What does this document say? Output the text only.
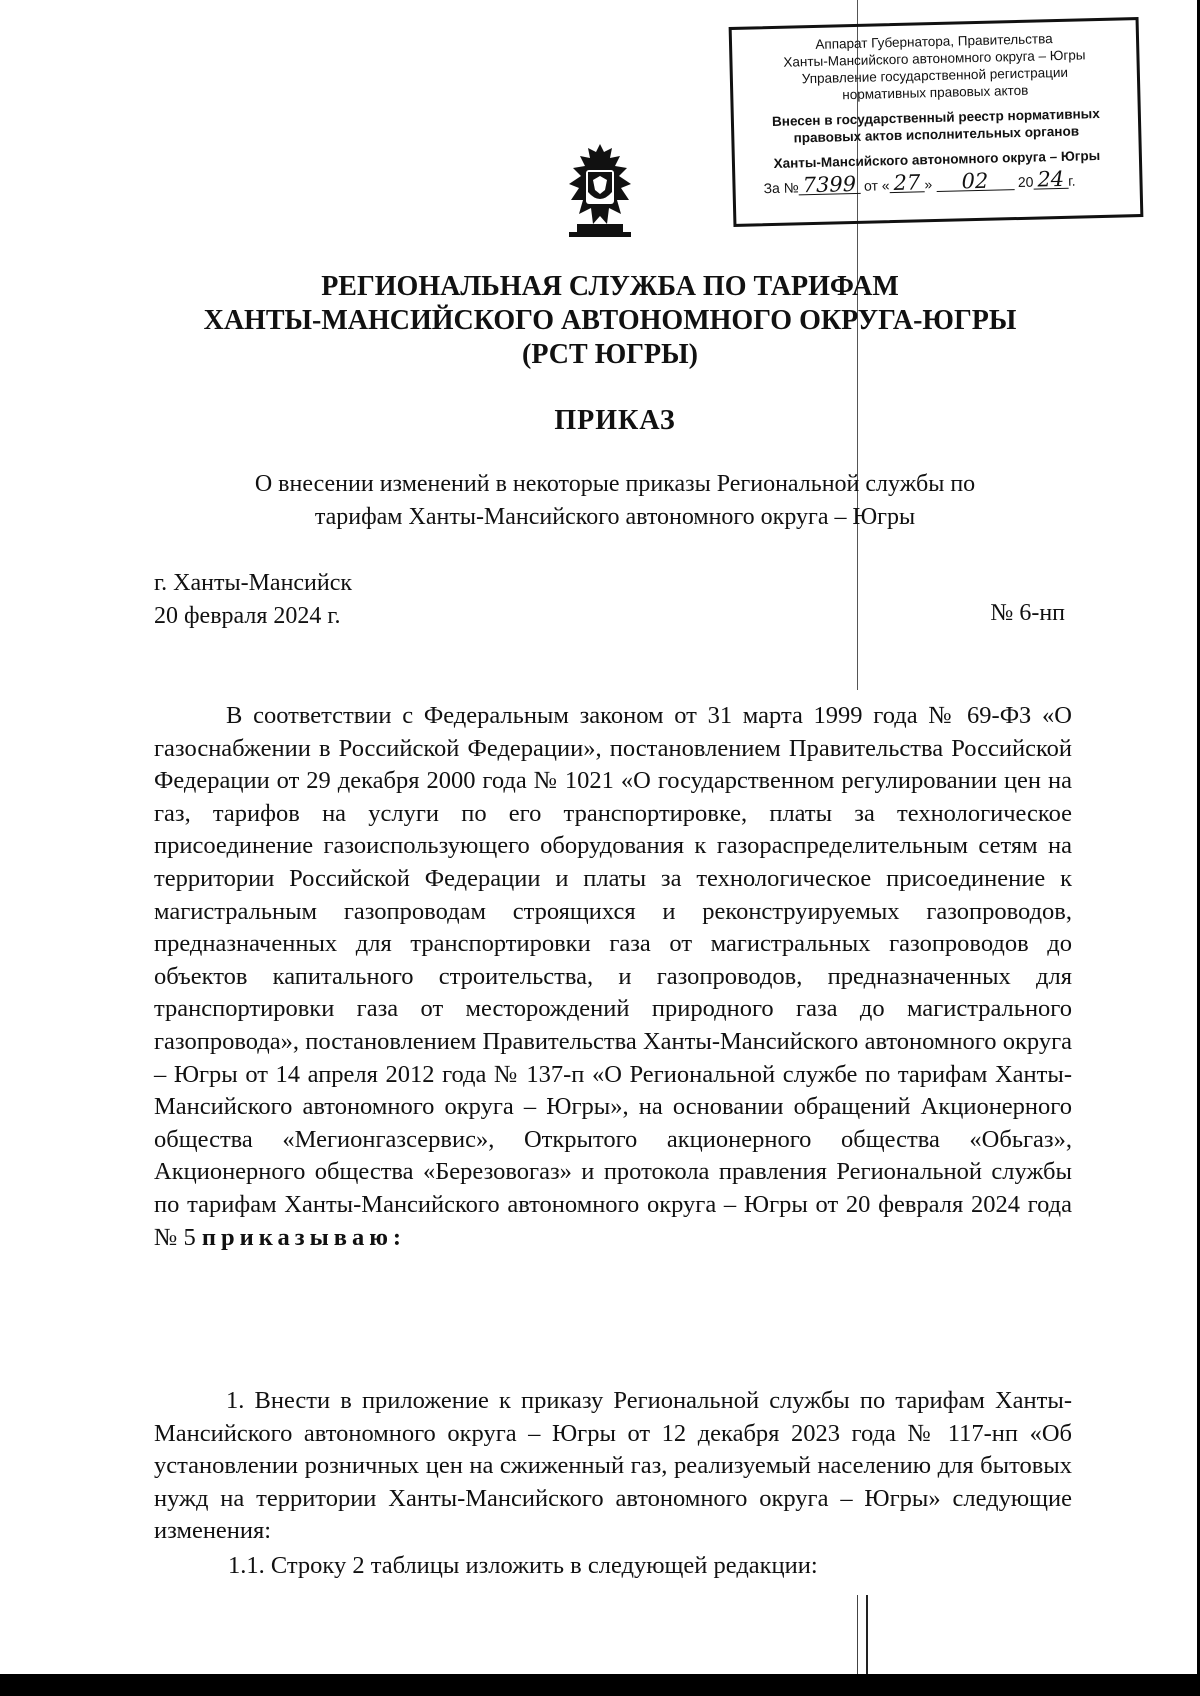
Аппарат Губернатора, Правительства
Ханты-Мансийского автономного округа – Югры
Управление государственной регистрации
нормативных правовых актов
Внесен в государственный реестр нормативных
правовых актов исполнительных органов
Ханты-Мансийского автономного округа – Югры
За № 7399 от « 27 » 02 20 24 г.
РЕГИОНАЛЬНАЯ СЛУЖБА ПО ТАРИФАМ
ХАНТЫ-МАНСИЙСКОГО АВТОНОМНОГО ОКРУГА-ЮГРЫ
(РСТ ЮГРЫ)
ПРИКАЗ
О внесении изменений в некоторые приказы Региональной службы по
тарифам Ханты-Мансийского автономного округа – Югры
г. Ханты-Мансийск
20 февраля 2024 г.	№ 6-нп
В соответствии с Федеральным законом от 31 марта 1999 года № 69-ФЗ «О газоснабжении в Российской Федерации», постановлением Правительства Российской Федерации от 29 декабря 2000 года № 1021 «О государственном регулировании цен на газ, тарифов на услуги по его транспортировке, платы за технологическое присоединение газоиспользующего оборудования к газораспределительным сетям на территории Российской Федерации и платы за технологическое присоединение к магистральным газопроводам строящихся и реконструируемых газопроводов, предназначенных для транспортировки газа от магистральных газопроводов до объектов капитального строительства, и газопроводов, предназначенных для транспортировки газа от месторождений природного газа до магистрального газопровода», постановлением Правительства Ханты-Мансийского автономного округа – Югры от 14 апреля 2012 года № 137-п «О Региональной службе по тарифам Ханты-Мансийского автономного округа – Югры», на основании обращений Акционерного общества «Мегионгазсервис», Открытого акционерного общества «Обьгаз», Акционерного общества «Березовогаз» и протокола правления Региональной службы по тарифам Ханты-Мансийского автономного округа – Югры от 20 февраля 2024 года № 5 приказываю:
1. Внести в приложение к приказу Региональной службы по тарифам Ханты-Мансийского автономного округа – Югры от 12 декабря 2023 года № 117-нп «Об установлении розничных цен на сжиженный газ, реализуемый населению для бытовых нужд на территории Ханты-Мансийского автономного округа – Югры» следующие изменения:
1.1. Строку 2 таблицы изложить в следующей редакции:
